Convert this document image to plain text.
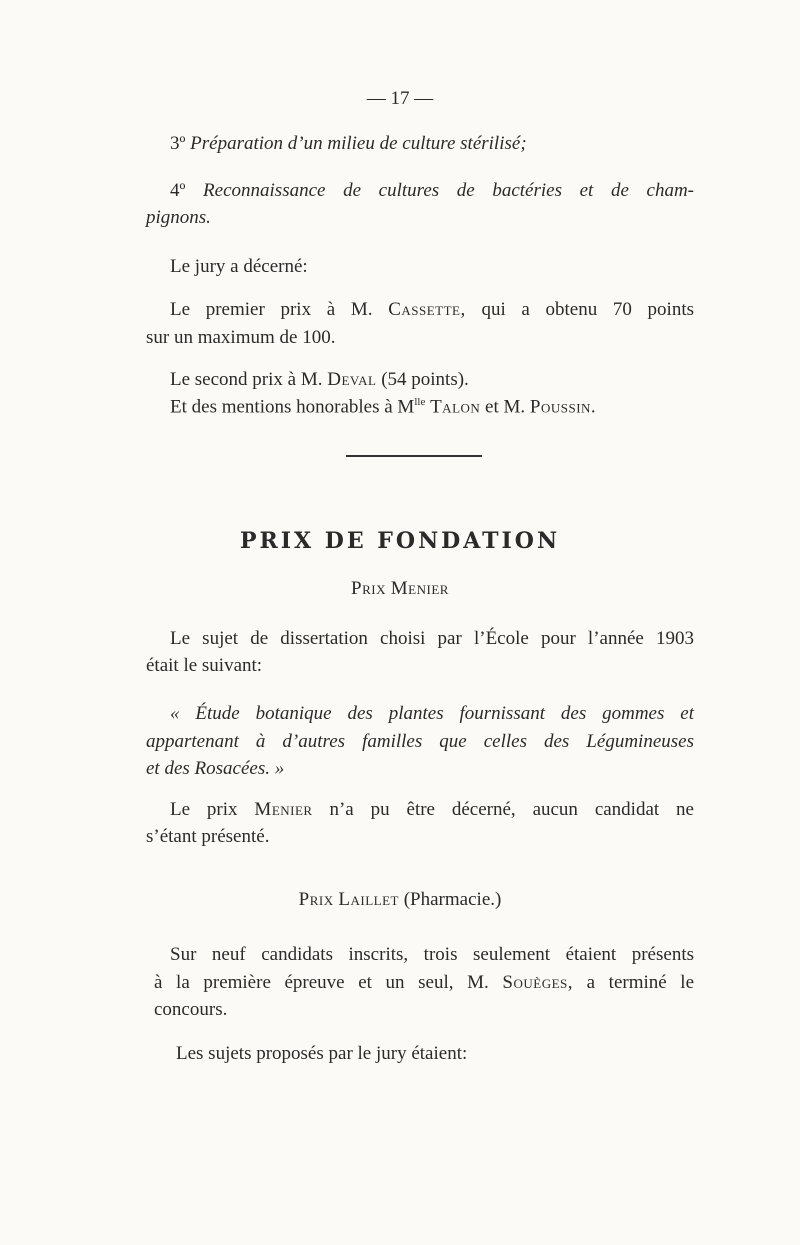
— 17 —
3º Préparation d’un milieu de culture stérilisé;
4º Reconnaissance de cultures de bactéries et de cham-
pignons.
Le jury a décerné:
Le premier prix à M. Cassette, qui a obtenu 70 points
sur un maximum de 100.
Le second prix à M. Deval (54 points).
Et des mentions honorables à $M^{lle}$ Talon et M. Poussin.
PRIX DE FONDATION
Prix Menier
Le sujet de dissertation choisi par l’École pour l’année 1903
était le suivant:
« Étude botanique des plantes fournissant des gommes et
appartenant à d’autres familles que celles des Légumineuses
et des Rosacées. »
Le prix Menier n’a pu être décerné, aucun candidat ne
s’étant présenté.
Prix Laillet (Pharmacie.)
Sur neuf candidats inscrits, trois seulement étaient présents
à la première épreuve et un seul, M. Souèges, a terminé le
concours.
Les sujets proposés par le jury étaient:
